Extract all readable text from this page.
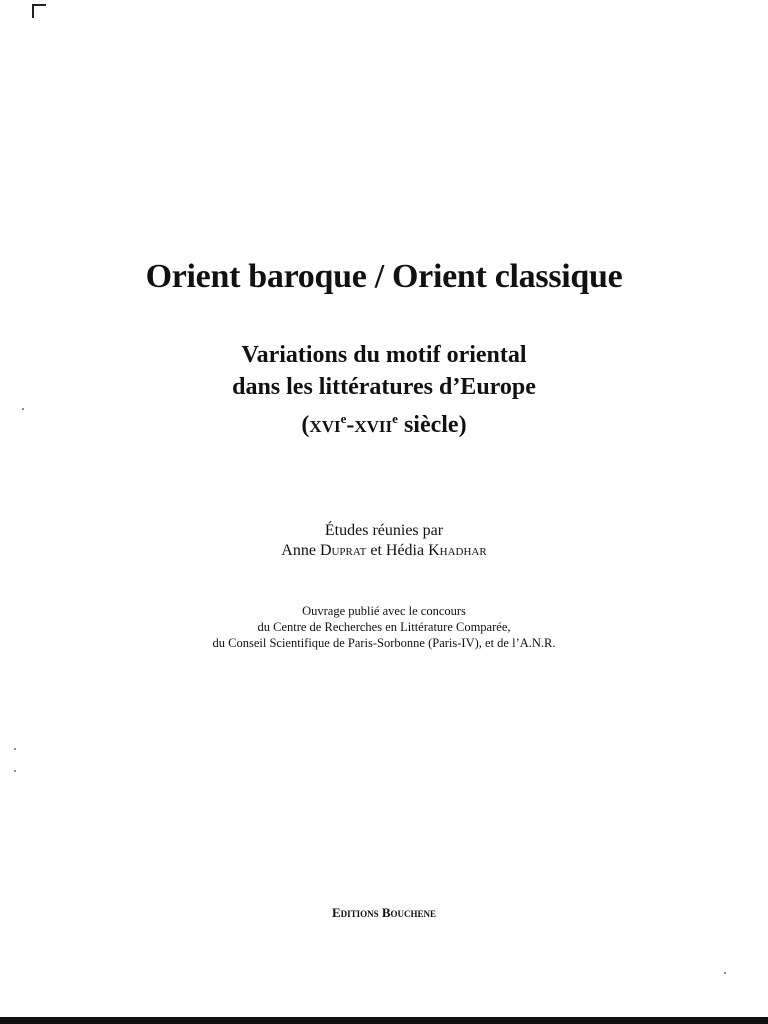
Orient baroque / Orient classique
Variations du motif oriental
dans les littératures d’Europe
(xvi$^e$-xvii$^e$ siècle)
Études réunies par
Anne Duprat et Hédia Khadhar
Ouvrage publié avec le concours
du Centre de Recherches en Littérature Comparée,
du Conseil Scientifique de Paris-Sorbonne (Paris-IV), et de l’A.N.R.
Editions Bouchene
